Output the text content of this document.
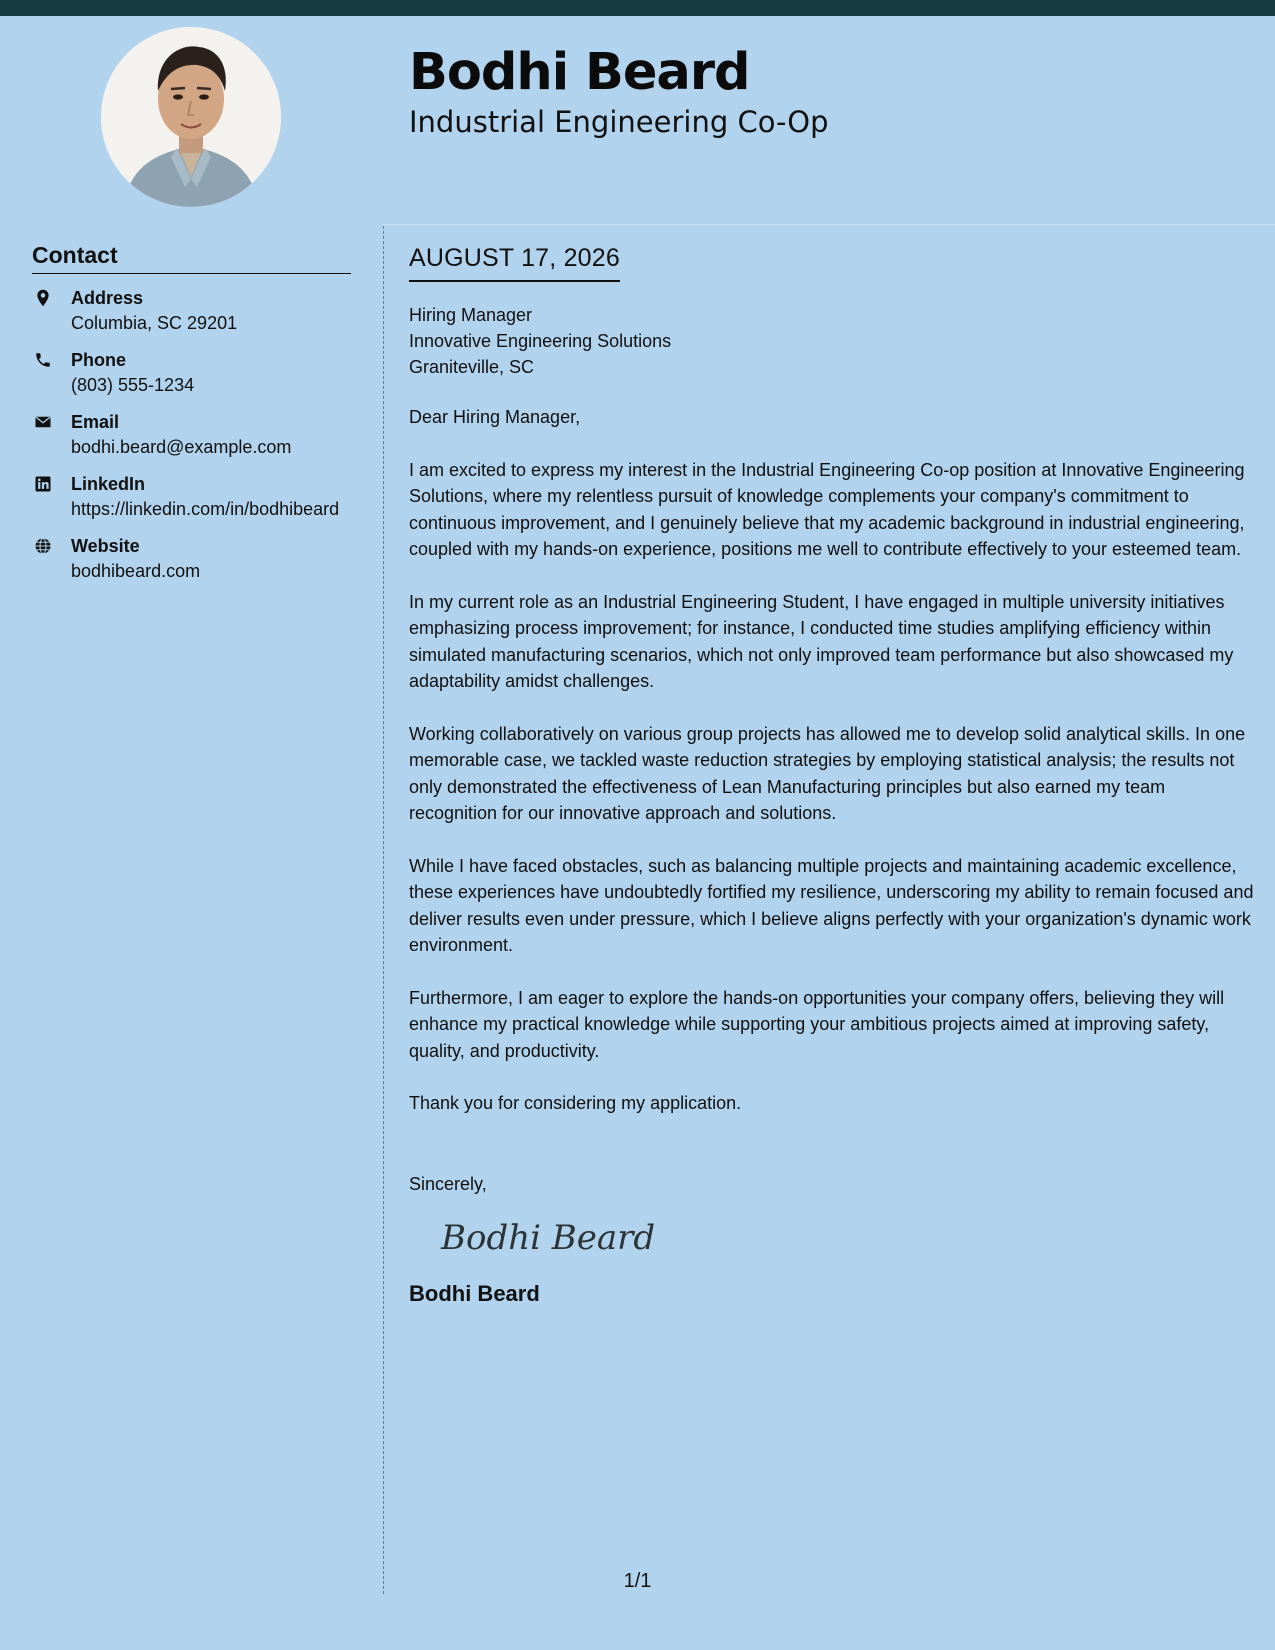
Bodhi Beard
Industrial Engineering Co-Op
Contact
Address
Columbia, SC 29201
Phone
(803) 555-1234
Email
bodhi.beard@example.com
LinkedIn
https://linkedin.com/in/bodhibeard
Website
bodhibeard.com
AUGUST 17, 2026
Hiring Manager
Innovative Engineering Solutions
Graniteville, SC

Dear Hiring Manager,

I am excited to express my interest in the Industrial Engineering Co-op position at Innovative Engineering Solutions, where my relentless pursuit of knowledge complements your company's commitment to continuous improvement, and I genuinely believe that my academic background in industrial engineering, coupled with my hands-on experience, positions me well to contribute effectively to your esteemed team.

In my current role as an Industrial Engineering Student, I have engaged in multiple university initiatives emphasizing process improvement; for instance, I conducted time studies amplifying efficiency within simulated manufacturing scenarios, which not only improved team performance but also showcased my adaptability amidst challenges.

Working collaboratively on various group projects has allowed me to develop solid analytical skills. In one memorable case, we tackled waste reduction strategies by employing statistical analysis; the results not only demonstrated the effectiveness of Lean Manufacturing principles but also earned my team recognition for our innovative approach and solutions.

While I have faced obstacles, such as balancing multiple projects and maintaining academic excellence, these experiences have undoubtedly fortified my resilience, underscoring my ability to remain focused and deliver results even under pressure, which I believe aligns perfectly with your organization's dynamic work environment.

Furthermore, I am eager to explore the hands-on opportunities your company offers, believing they will enhance my practical knowledge while supporting your ambitious projects aimed at improving safety, quality, and productivity.

Thank you for considering my application.

Sincerely,

Bodhi Beard
Bodhi Beard
1/1
